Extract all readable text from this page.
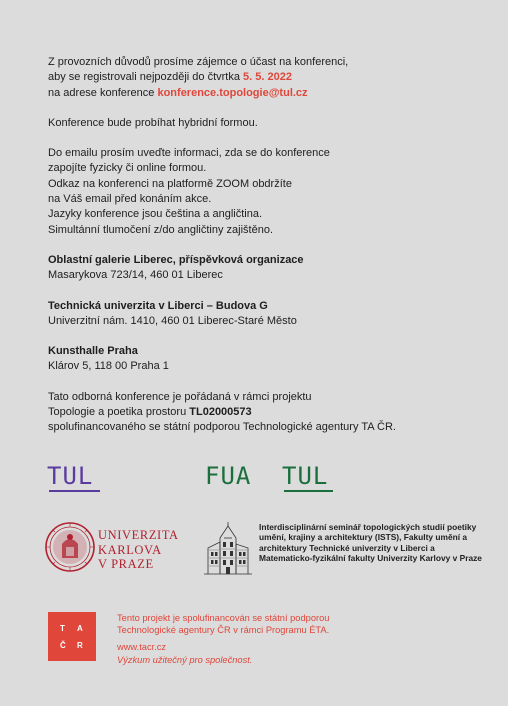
Z provozních důvodů prosíme zájemce o účast na konferenci,

aby se registrovali nejpozději do čtvrtka 5. 5. 2022

na adrese konference konference.topologie@tul.cz

Konference bude probíhat hybridní formou.

Do emailu prosím uveďte informaci, zda se do konference

zapojíte fyzicky či online formou.

Odkaz na konferenci na platformě ZOOM obdržíte

na Váš email před konáním akce.

Jazyky konference jsou čeština a angličtina.

Simultánní tlumočení z/do angličtiny zajištěno.

Oblastní galerie Liberec, příspěvková organizace

Masarykova 723/14, 460 01 Liberec

Technická univerzita v Liberci – Budova G

Univerzitní nám. 1410, 460 01 Liberec-Staré Město

Kunsthalle Praha

Klárov 5, 118 00 Praha 1

Tato odborná konference je pořádaná v rámci projektu

Topologie a poetika prostoru TL02000573

spolufinancovaného se státní podporou Technologické agentury TA ČR.

TUL	FUA TUL
UNIVERZITA
KARLOVA
V PRAZE
Interdisciplinární seminář topologických studií poetiky umění, krajiny a architektury (ISTS), Fakulty umění a architektury Technické univerzity v Liberci a Matematicko-fyzikální fakulty Univerzity Karlovy v Praze
T A
Č R

Tento projekt je spolufinancován se státní podporou

Technologické agentury ČR v rámci Programu ÉTA.

www.tacr.cz

Výzkum užitečný pro společnost.
